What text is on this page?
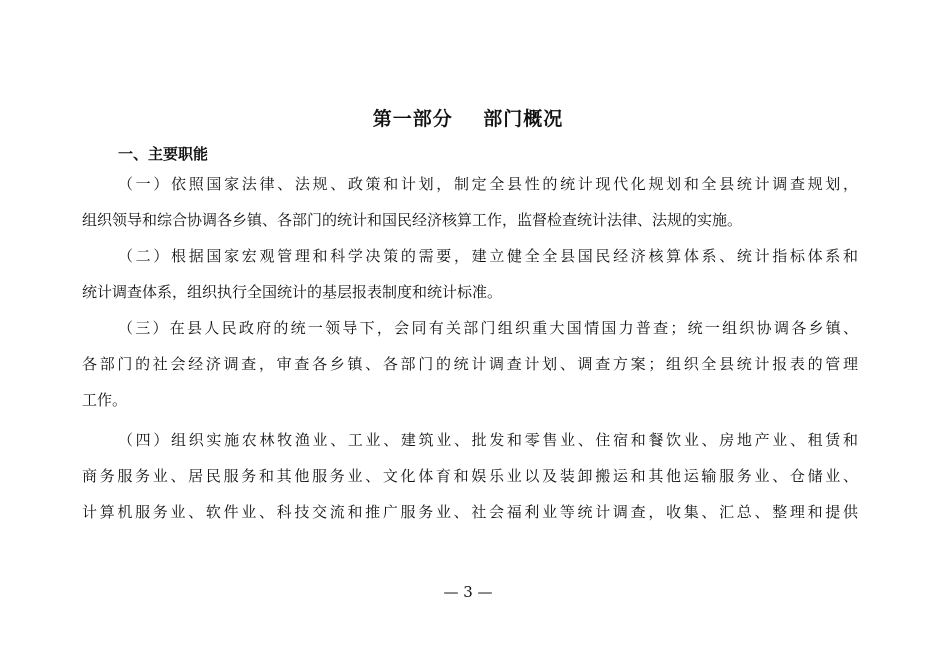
第一部分    部门概况
一、主要职能
（一）依照国家法律、法规、政策和计划，制定全县性的统计现代化规划和全县统计调查规划，
组织领导和综合协调各乡镇、各部门的统计和国民经济核算工作，监督检查统计法律、法规的实施。
（二）根据国家宏观管理和科学决策的需要，建立健全全县国民经济核算体系、统计指标体系和
统计调查体系，组织执行全国统计的基层报表制度和统计标准。
（三）在县人民政府的统一领导下，会同有关部门组织重大国情国力普查；统一组织协调各乡镇、
各部门的社会经济调查，审查各乡镇、各部门的统计调查计划、调查方案；组织全县统计报表的管理
工作。
（四）组织实施农林牧渔业、工业、建筑业、批发和零售业、住宿和餐饮业、房地产业、租赁和
商务服务业、居民服务和其他服务业、文化体育和娱乐业以及装卸搬运和其他运输服务业、仓储业、
计算机服务业、软件业、科技交流和推广服务业、社会福利业等统计调查，收集、汇总、整理和提供
— 3 —
